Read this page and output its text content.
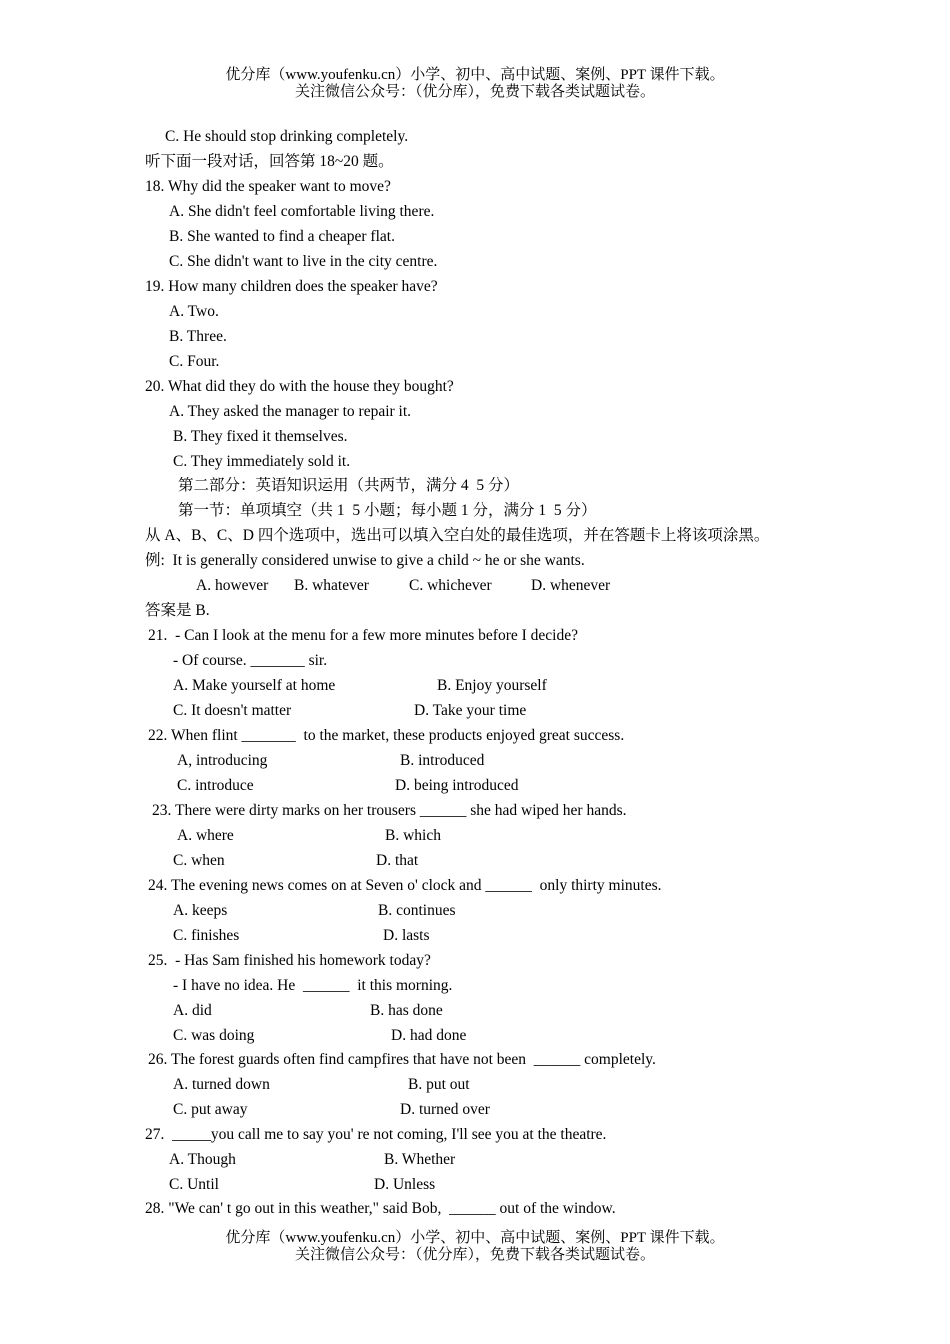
优分库（www.youfenku.cn）小学、初中、高中试题、案例、PPT 课件下载。
关注微信公众号：（优分库），免费下载各类试题试卷。
C. He should stop drinking completely.
听下面一段对话，回答第 18~20 题。
18. Why did the speaker want to move?
A. She didn't feel comfortable living there.
B. She wanted to find a cheaper flat.
C. She didn't want to live in the city centre.
19. How many children does the speaker have?
A. Two.
B. Three.
C. Four.
20. What did they do with the house they bought?
A. They asked the manager to repair it.
B. They fixed it themselves.
C. They immediately sold it.
第二部分：英语知识运用（共两节，满分 4  5 分）
第一节：单项填空（共 1  5 小题；每小题 1 分，满分 1  5 分）
从 A、B、C、D 四个选项中，选出可以填入空白处的最佳选项，并在答题卡上将该项涂黑。
例:  It is generally considered unwise to give a child ~ he or she wants.
A. however B. whatever	C. whichever	D. whenever
答案是 B.
21.  - Can I look at the menu for a few more minutes before I decide?
- Of course. _______ sir.
A. Make yourself at home	B. Enjoy yourself
C. It doesn't matter	D. Take your time
22. When flint _______  to the market, these products enjoyed great success.
A, introducing	B. introduced
C. introduce	D. being introduced
23. There were dirty marks on her trousers ______ she had wiped her hands.
A. where	B. which
C. when	D. that
24. The evening news comes on at Seven o' clock and ______  only thirty minutes.
A. keeps	B. continues
C. finishes	D. lasts
25.  - Has Sam finished his homework today?
- I have no idea. He  ______  it this morning.
A. did	B. has done
C. was doing	D. had done
26. The forest guards often find campfires that have not been  ______ completely.
A. turned down	B. put out
C. put away	D. turned over
27.  _____you call me to say you' re not coming, I'll see you at the theatre.
A. Though	B. Whether
C. Until	D. Unless
28. "We can' t go out in this weather," said Bob,  ______ out of the window.
优分库（www.youfenku.cn）小学、初中、高中试题、案例、PPT 课件下载。
关注微信公众号：（优分库），免费下载各类试题试卷。
